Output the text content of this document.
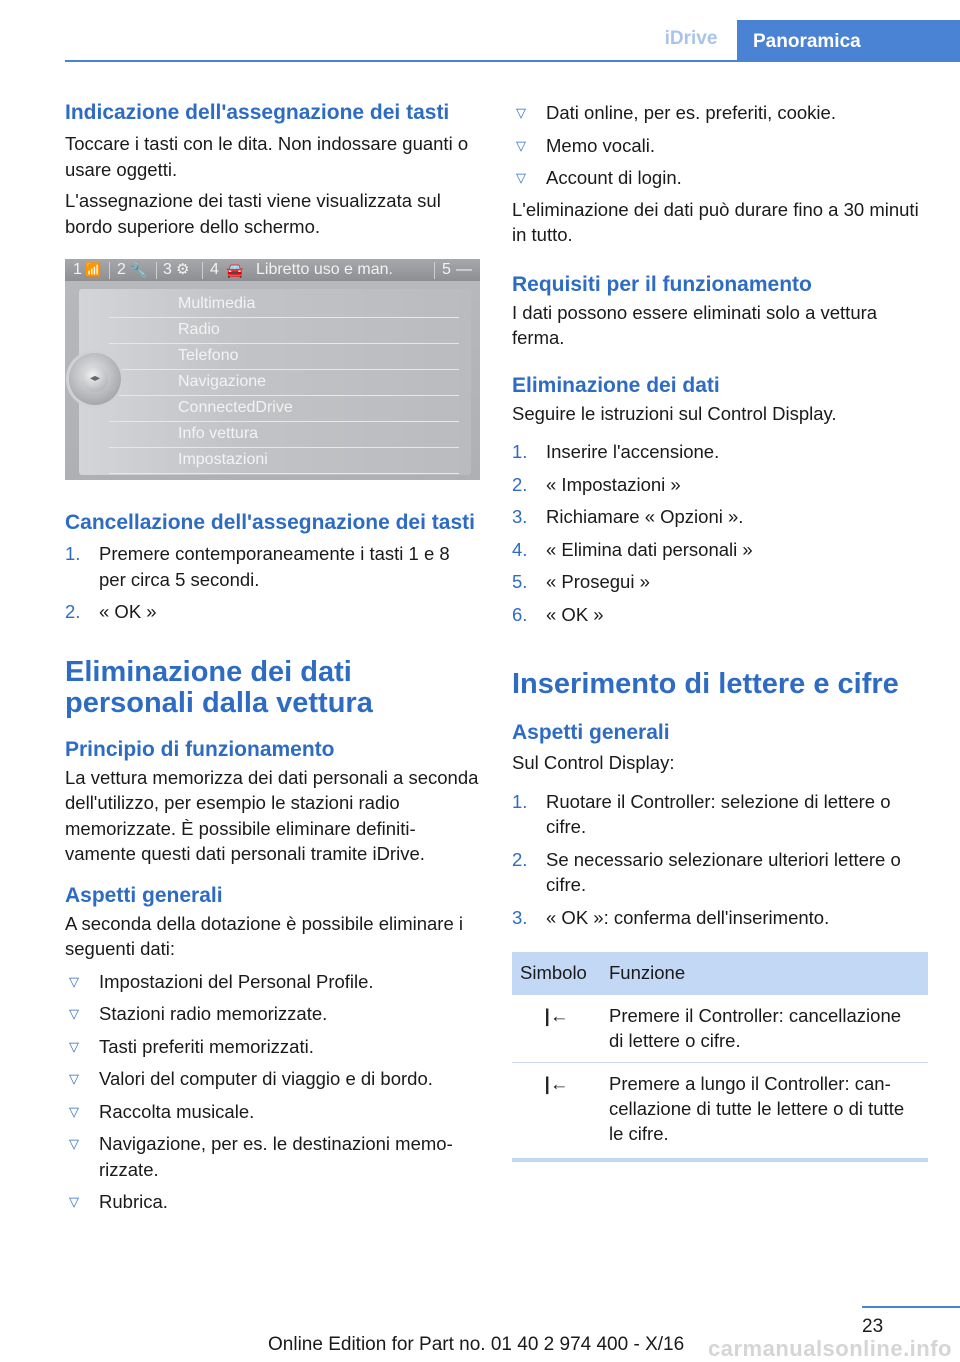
iDrive	Panoramica
Indicazione dell'assegnazione dei tasti

Toccare i tasti con le dita. Non indossare guanti o usare oggetti.

L'assegnazione dei tasti viene visualizzata sul bordo superiore dello schermo.

1 📶 2 🔧 3 ⚙ 4 🚘 Libretto uso e man.	5 —
Multimedia
Radio
Telefono
Navigazione
ConnectedDrive
Info vettura
Impostazioni
◂▸
Cancellazione dell'assegnazione dei tasti
1. Premere contemporaneamente i tasti 1 e 8 per circa 5 secondi.
2. « OK »
Eliminazione dei dati personali dalla vettura
Principio di funzionamento

La vettura memorizza dei dati personali a seconda dell'utilizzo, per esempio le stazioni radio memorizzate. È possibile eliminare definitivamente questi dati personali tramite iDrive.

Aspetti generali

A seconda della dotazione è possibile eliminare i seguenti dati:

▽ Impostazioni del Personal Profile.
▽ Stazioni radio memorizzate.
▽ Tasti preferiti memorizzati.
▽ Valori del computer di viaggio e di bordo.
▽ Raccolta musicale.
▽ Navigazione, per es. le destinazioni memorizzate.
▽ Rubrica.
▽ Dati online, per es. preferiti, cookie.
▽ Memo vocali.
▽ Account di login.

L'eliminazione dei dati può durare fino a 30 minuti in tutto.

Requisiti per il funzionamento

I dati possono essere eliminati solo a vettura ferma.

Eliminazione dei dati

Seguire le istruzioni sul Control Display.

1. Inserire l'accensione.
2. « Impostazioni »
3. Richiamare « Opzioni ».
4. « Elimina dati personali »
5. « Prosegui »
6. « OK »
Inserimento di lettere e cifre
Aspetti generali

Sul Control Display:

1. Ruotare il Controller: selezione di lettere o cifre.
2. Se necessario selezionare ulteriori lettere o cifre.
3. « OK »: conferma dell'inserimento.
Simbolo	Funzione
|←	Premere il Controller: cancellazione di lettere o cifre.
|←	Premere a lungo il Controller: cancellazione di tutte le lettere o di tutte le cifre.
23
Online Edition for Part no. 01 40 2 974 400 - X/16 carmanualsonline.info
